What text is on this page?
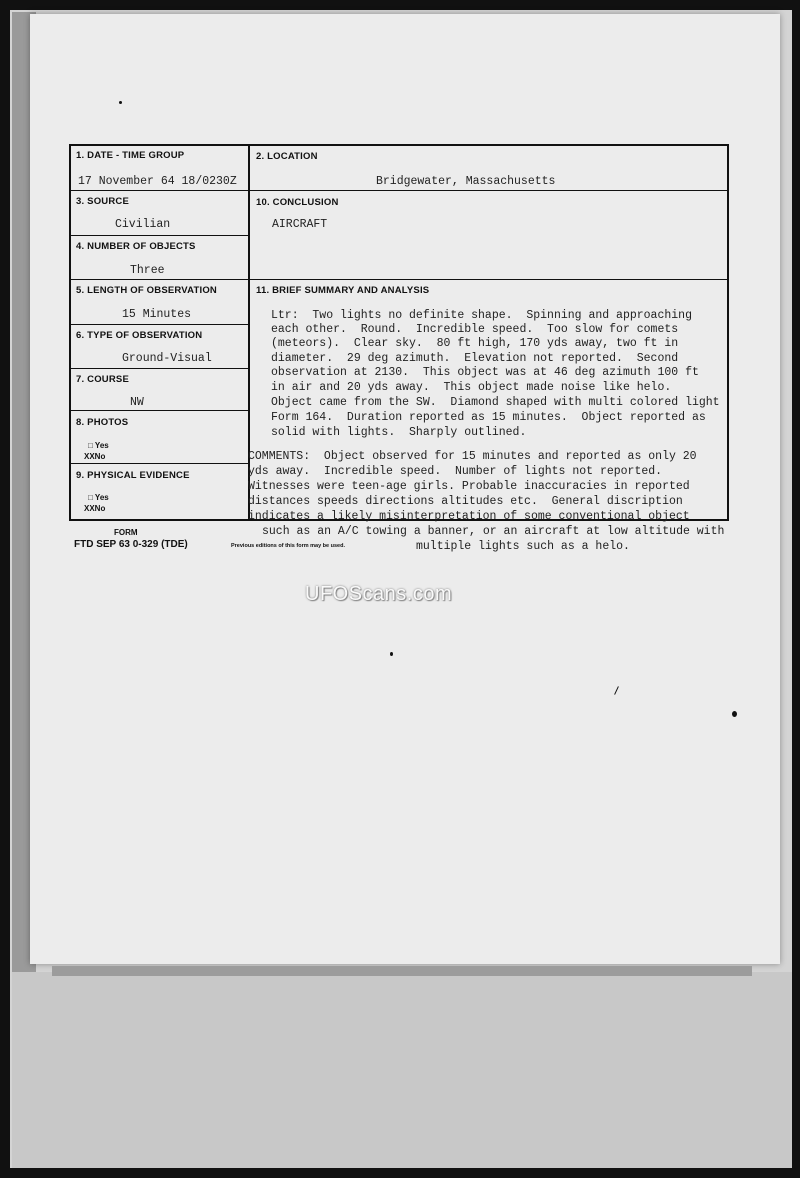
1. DATE - TIME GROUP
17 November 64 18/0230Z
2. LOCATION
Bridgewater, Massachusetts
3. SOURCE
Civilian
10. CONCLUSION
AIRCRAFT
4. NUMBER OF OBJECTS
Three
5. LENGTH OF OBSERVATION
15 Minutes
11. BRIEF SUMMARY AND ANALYSIS
6. TYPE OF OBSERVATION
Ground-Visual
7. COURSE
NW
8. PHOTOS
□ Yes
XXNo
9. PHYSICAL EVIDENCE
□ Yes
XXNo
Ltr:  Two lights no definite shape.  Spinning and approaching
each other.  Round.  Incredible speed.  Too slow for comets
(meteors).  Clear sky.  80 ft high, 170 yds away, two ft in
diameter.  29 deg azimuth.  Elevation not reported.  Second
observation at 2130.  This object was at 46 deg azimuth 100 ft
in air and 20 yds away.  This object made noise like helo.
Object came from the SW.  Diamond shaped with multi colored light
Form 164.  Duration reported as 15 minutes.  Object reported as
solid with lights.  Sharply outlined.
COMMENTS:  Object observed for 15 minutes and reported as only 20
yds away.  Incredible speed.  Number of lights not reported.
Witnesses were teen-age girls. Probable inaccuracies in reported
distances speeds directions altitudes etc.  General discription
indicates a likely misinterpretation of some conventional object
such as an A/C towing a banner, or an aircraft at low altitude with
multiple lights such as a helo.
FORM
FTD SEP 63 0-329 (TDE)	Previous editions of this form may be used.
UFOScans.com
